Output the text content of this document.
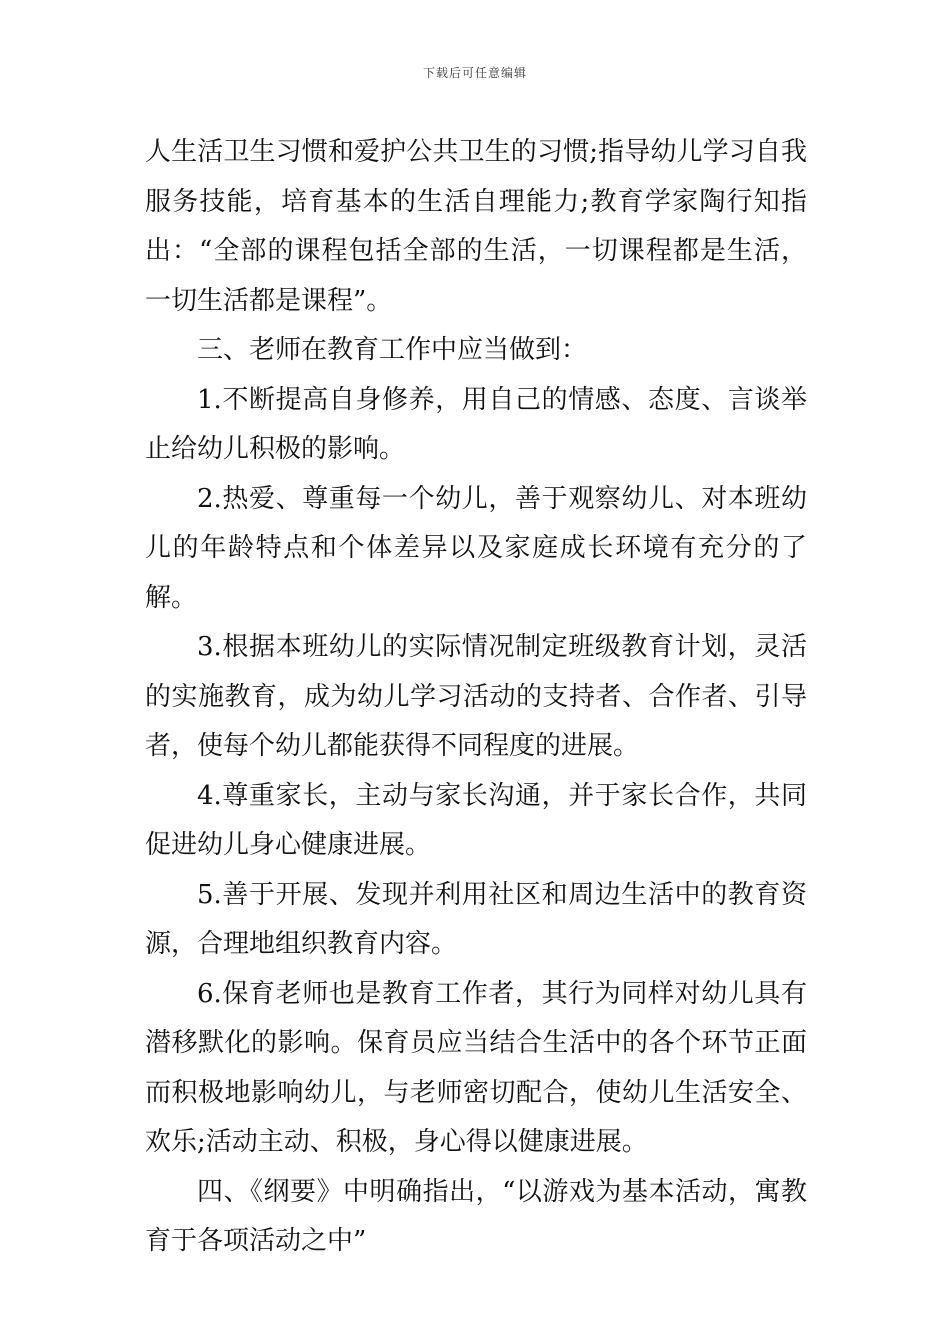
下载后可任意编辑

人生活卫生习惯和爱护公共卫生的习惯;指导幼儿学习自我服务技能，培育基本的生活自理能力;教育学家陶行知指出：“全部的课程包括全部的生活，一切课程都是生活，一切生活都是课程”。

三、老师在教育工作中应当做到：

1.不断提高自身修养，用自己的情感、态度、言谈举止给幼儿积极的影响。

2.热爱、尊重每一个幼儿，善于观察幼儿、对本班幼儿的年龄特点和个体差异以及家庭成长环境有充分的了解。

3.根据本班幼儿的实际情况制定班级教育计划，灵活的实施教育，成为幼儿学习活动的支持者、合作者、引导者，使每个幼儿都能获得不同程度的进展。

4.尊重家长，主动与家长沟通，并于家长合作，共同促进幼儿身心健康进展。

5.善于开展、发现并利用社区和周边生活中的教育资源，合理地组织教育内容。

6.保育老师也是教育工作者，其行为同样对幼儿具有潜移默化的影响。保育员应当结合生活中的各个环节正面而积极地影响幼儿，与老师密切配合，使幼儿生活安全、欢乐;活动主动、积极，身心得以健康进展。

四、《纲要》中明确指出，“以游戏为基本活动，寓教育于各项活动之中”
